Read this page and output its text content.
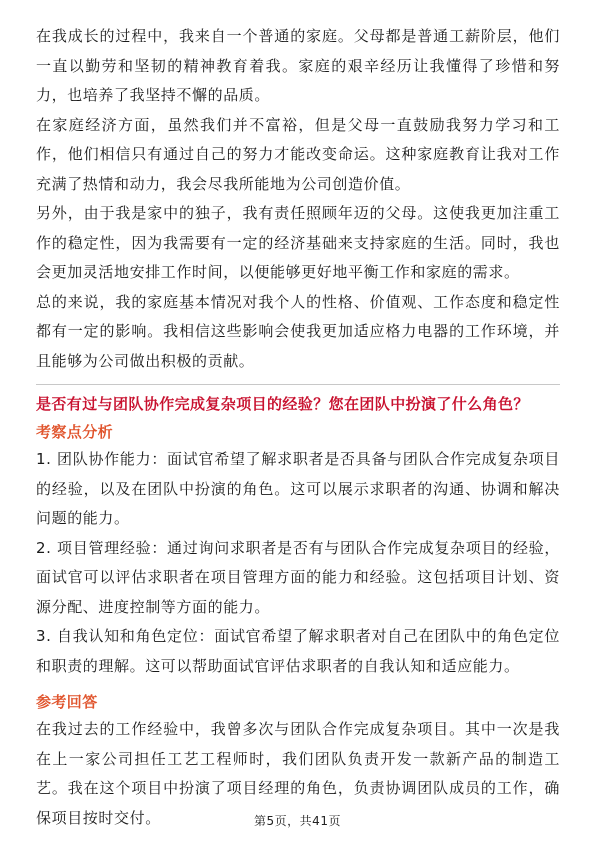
在我成长的过程中，我来自一个普通的家庭。父母都是普通工薪阶层，他们一直以勤劳和坚韧的精神教育着我。家庭的艰辛经历让我懂得了珍惜和努力，也培养了我坚持不懈的品质。

在家庭经济方面，虽然我们并不富裕，但是父母一直鼓励我努力学习和工作，他们相信只有通过自己的努力才能改变命运。这种家庭教育让我对工作充满了热情和动力，我会尽我所能地为公司创造价值。

另外，由于我是家中的独子，我有责任照顾年迈的父母。这使我更加注重工作的稳定性，因为我需要有一定的经济基础来支持家庭的生活。同时，我也会更加灵活地安排工作时间，以便能够更好地平衡工作和家庭的需求。

总的来说，我的家庭基本情况对我个人的性格、价值观、工作态度和稳定性都有一定的影响。我相信这些影响会使我更加适应格力电器的工作环境，并且能够为公司做出积极的贡献。

是否有过与团队协作完成复杂项目的经验？您在团队中扮演了什么角色？

考察点分析

1. 团队协作能力：面试官希望了解求职者是否具备与团队合作完成复杂项目的经验，以及在团队中扮演的角色。这可以展示求职者的沟通、协调和解决问题的能力。

2. 项目管理经验：通过询问求职者是否有与团队合作完成复杂项目的经验，面试官可以评估求职者在项目管理方面的能力和经验。这包括项目计划、资源分配、进度控制等方面的能力。

3. 自我认知和角色定位：面试官希望了解求职者对自己在团队中的角色定位和职责的理解。这可以帮助面试官评估求职者的自我认知和适应能力。

参考回答

在我过去的工作经验中，我曾多次与团队合作完成复杂项目。其中一次是我在上一家公司担任工艺工程师时，我们团队负责开发一款新产品的制造工艺。我在这个项目中扮演了项目经理的角色，负责协调团队成员的工作，确保项目按时交付。	第5页，共41页
